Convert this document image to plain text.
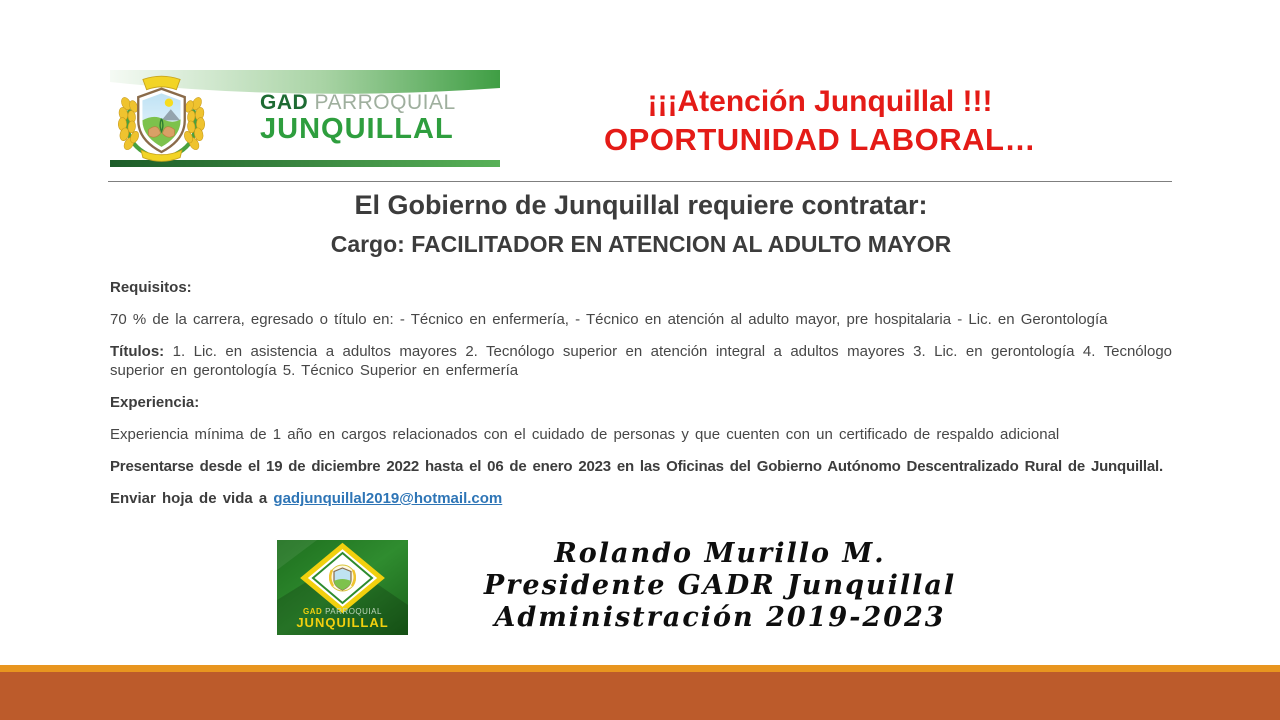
GAD PARROQUIAL
JUNQUILLAL
¡¡¡Atención Junquillal !!!
OPORTUNIDAD LABORAL…
El Gobierno de Junquillal requiere contratar:
Cargo: FACILITADOR EN ATENCION AL ADULTO MAYOR

Requisitos:

70 % de la carrera, egresado o título en: - Técnico en enfermería, - Técnico en atención al adulto mayor, pre hospitalaria - Lic. en Gerontología

Títulos: 1. Lic. en asistencia a adultos mayores 2. Tecnólogo superior en atención integral a adultos mayores 3. Lic. en gerontología 4. Tecnólogo superior en gerontología 5. Técnico Superior en enfermería

Experiencia:

Experiencia mínima de 1 año en cargos relacionados con el cuidado de personas y que cuenten con un certificado de respaldo adicional

Presentarse desde el 19 de diciembre 2022 hasta el 06 de enero 2023 en las Oficinas del Gobierno Autónomo Descentralizado Rural de Junquillal.

Enviar hoja de vida a gadjunquillal2019@hotmail.com

GAD PARROQUIAL
JUNQUILLAL
Rolando Murillo M.
Presidente GADR Junquillal
Administración 2019-2023
